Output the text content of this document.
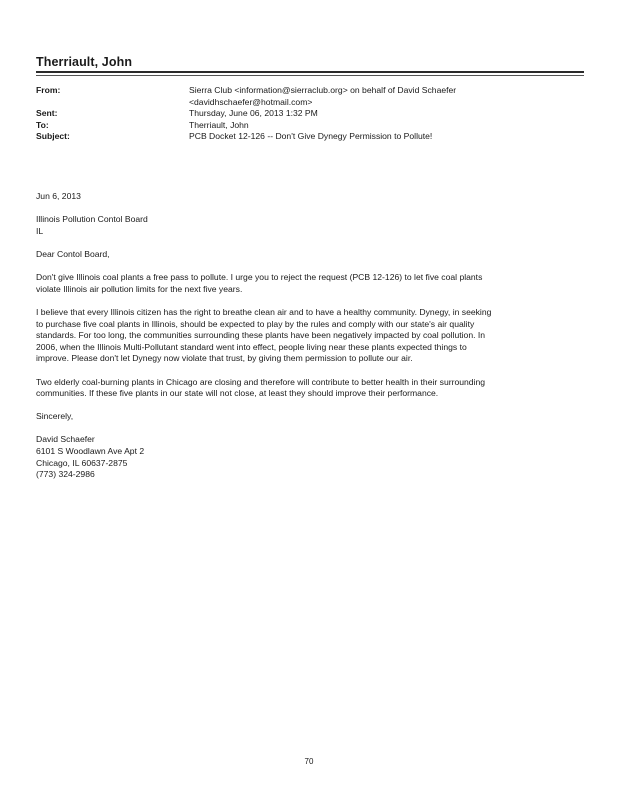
Therriault, John
From:	Sierra Club <information@sierraclub.org> on behalf of David Schaefer
<davidhschaefer@hotmail.com>
Sent:	Thursday, June 06, 2013 1:32 PM
To:	Therriault, John
Subject:	PCB Docket 12-126 -- Don't Give Dynegy Permission to Pollute!

Jun 6, 2013

Illinois Pollution Contol Board
IL

Dear Contol Board,

Don't give Illinois coal plants a free pass to pollute. I urge you to reject the request (PCB 12-126) to let five coal plants
violate Illinois air pollution limits for the next five years.

I believe that every Illinois citizen has the right to breathe clean air and to have a healthy community. Dynegy, in seeking
to purchase five coal plants in Illinois, should be expected to play by the rules and comply with our state's air quality
standards. For too long, the communities surrounding these plants have been negatively impacted by coal pollution. In
2006, when the Illinois Multi-Pollutant standard went into effect, people living near these plants expected things to
improve. Please don't let Dynegy now violate that trust, by giving them permission to pollute our air.

Two elderly coal-burning plants in Chicago are closing and therefore will contribute to better health in their surrounding
communities. If these five plants in our state will not close, at least they should improve their performance.

Sincerely,

David Schaefer
6101 S Woodlawn Ave Apt 2
Chicago, IL 60637-2875
(773) 324-2986

70
